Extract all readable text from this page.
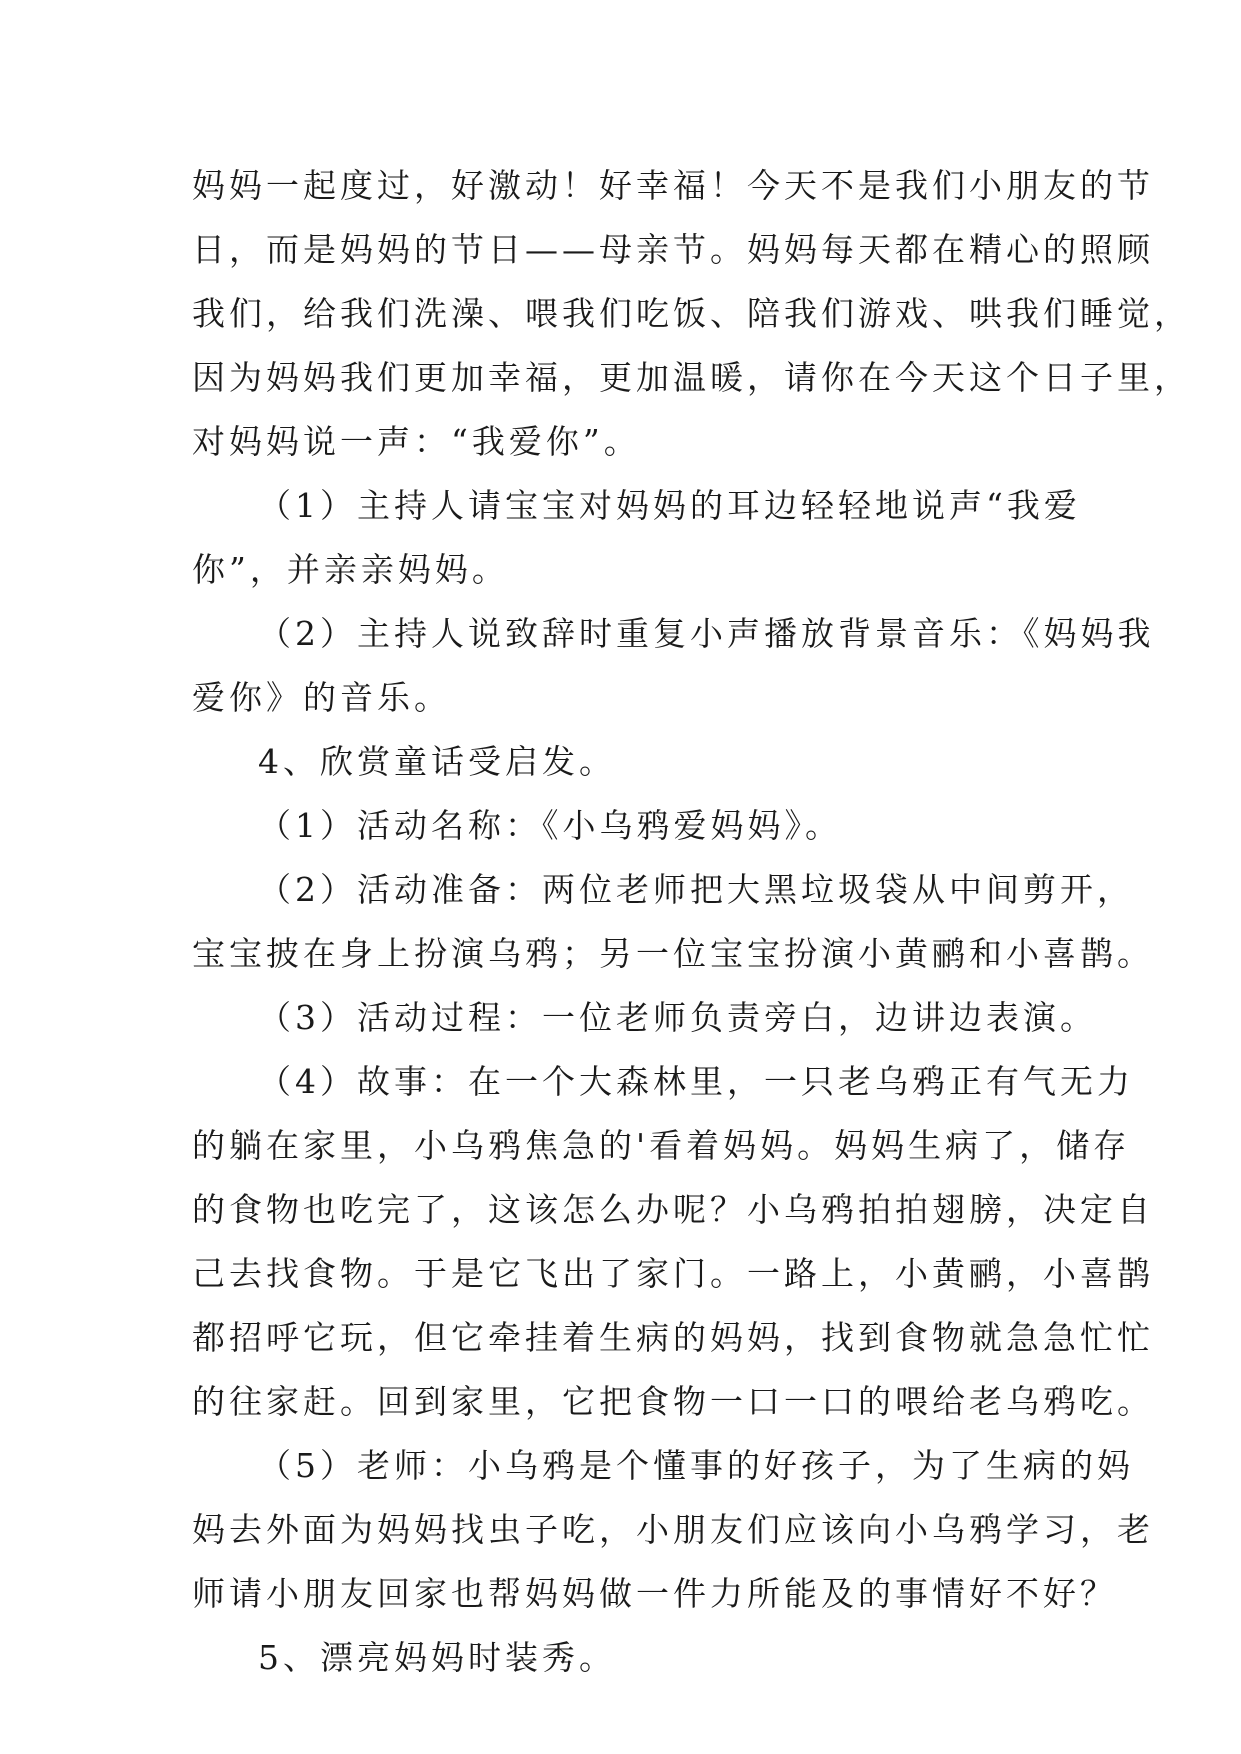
妈妈一起度过，好激动！好幸福！今天不是我们小朋友的节
日，而是妈妈的节日——母亲节。妈妈每天都在精心的照顾
我们，给我们洗澡、喂我们吃饭、陪我们游戏、哄我们睡觉，
因为妈妈我们更加幸福，更加温暖，请你在今天这个日子里，
对妈妈说一声：“我爱你”。
（1）主持人请宝宝对妈妈的耳边轻轻地说声“我爱
你”，并亲亲妈妈。
（2）主持人说致辞时重复小声播放背景音乐：《妈妈我
爱你》的音乐。
4、欣赏童话受启发。
（1）活动名称：《小乌鸦爱妈妈》。
（2）活动准备：两位老师把大黑垃圾袋从中间剪开，
宝宝披在身上扮演乌鸦；另一位宝宝扮演小黄鹂和小喜鹊。
（3）活动过程：一位老师负责旁白，边讲边表演。
（4）故事：在一个大森林里，一只老乌鸦正有气无力
的躺在家里，小乌鸦焦急的'看着妈妈。妈妈生病了，储存
的食物也吃完了，这该怎么办呢？小乌鸦拍拍翅膀，决定自
己去找食物。于是它飞出了家门。一路上，小黄鹂，小喜鹊
都招呼它玩，但它牵挂着生病的妈妈，找到食物就急急忙忙
的往家赶。回到家里，它把食物一口一口的喂给老乌鸦吃。
（5）老师：小乌鸦是个懂事的好孩子，为了生病的妈
妈去外面为妈妈找虫子吃，小朋友们应该向小乌鸦学习，老
师请小朋友回家也帮妈妈做一件力所能及的事情好不好？
5、漂亮妈妈时装秀。
